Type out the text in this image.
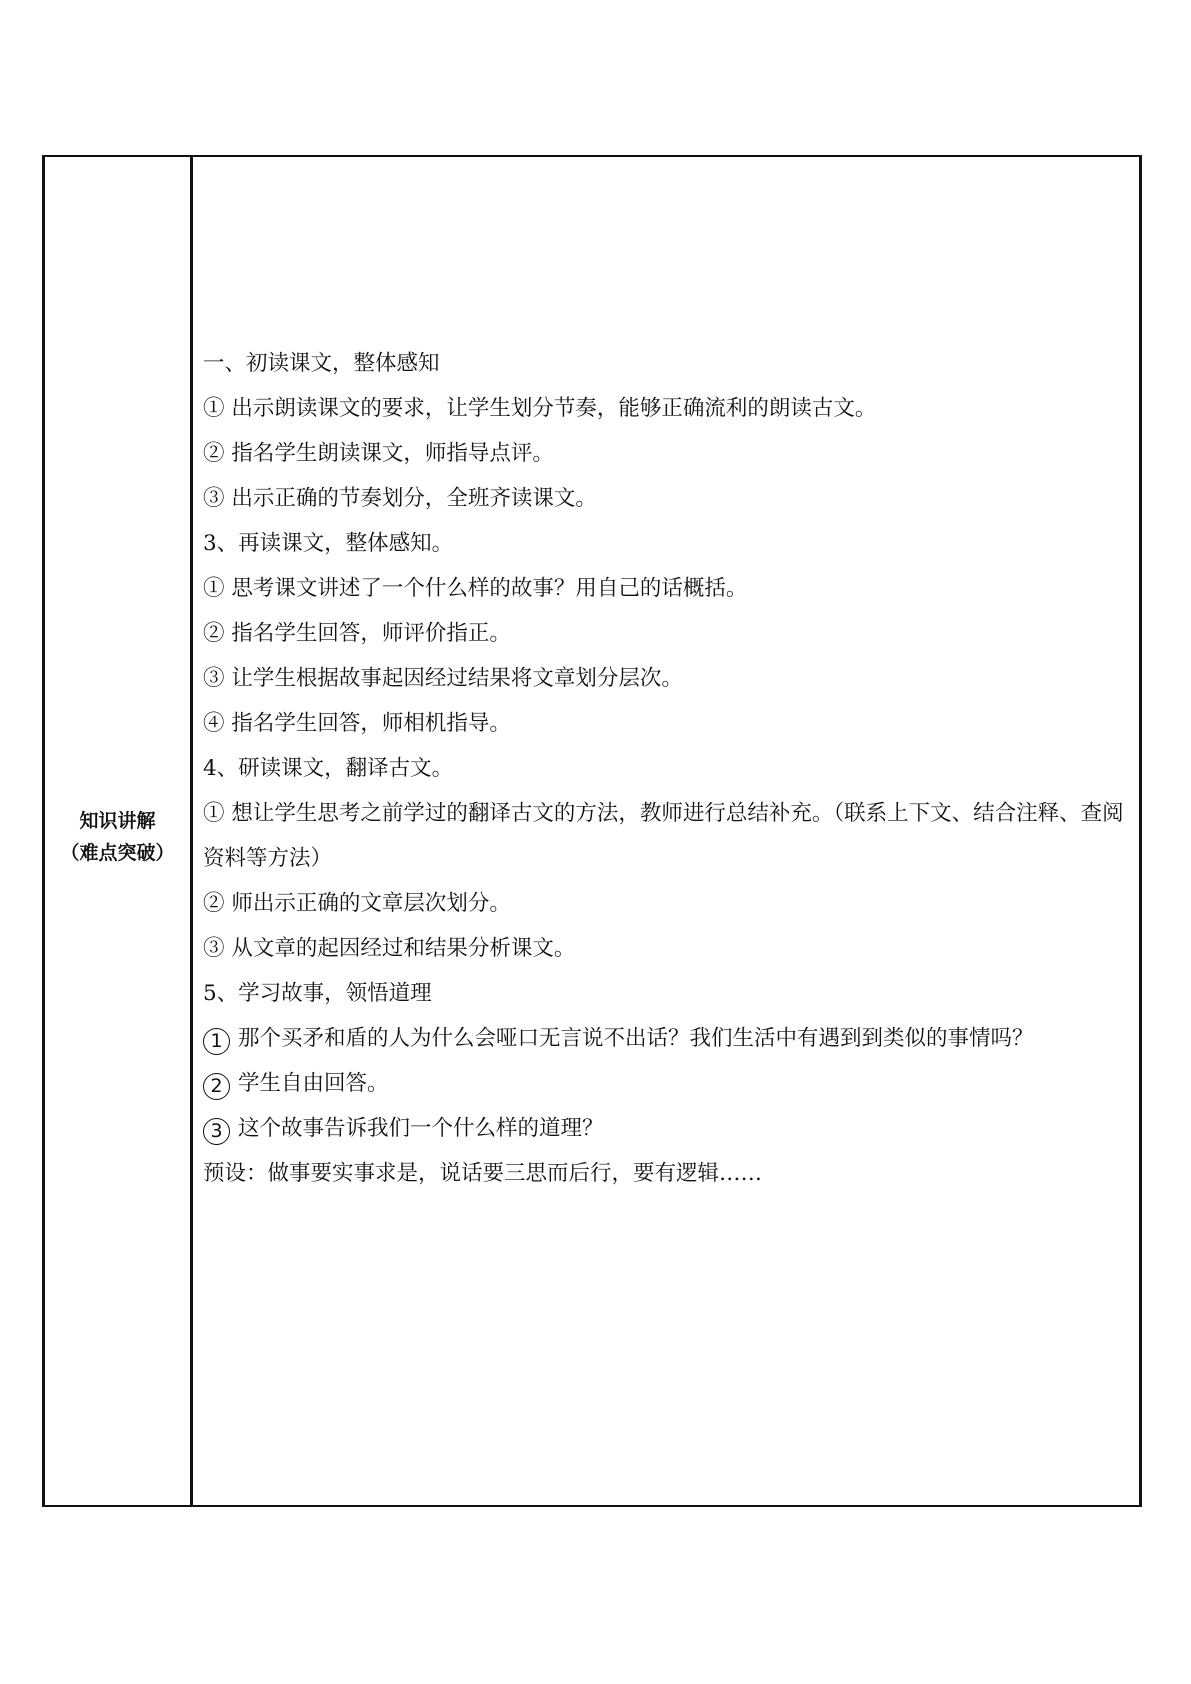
知识讲解
（难点突破）

一、初读课文，整体感知

① 出示朗读课文的要求，让学生划分节奏，能够正确流利的朗读古文。

② 指名学生朗读课文，师指导点评。

③ 出示正确的节奏划分，全班齐读课文。

3、再读课文，整体感知。

① 思考课文讲述了一个什么样的故事？用自己的话概括。

② 指名学生回答，师评价指正。

③ 让学生根据故事起因经过结果将文章划分层次。

④ 指名学生回答，师相机指导。

4、研读课文，翻译古文。

① 想让学生思考之前学过的翻译古文的方法，教师进行总结补充。（联系上下文、结合注释、查阅资料等方法）

② 师出示正确的文章层次划分。

③ 从文章的起因经过和结果分析课文。

5、学习故事，领悟道理

1 那个买矛和盾的人为什么会哑口无言说不出话？我们生活中有遇到到类似的事情吗？

2 学生自由回答。

3 这个故事告诉我们一个什么样的道理？

预设：做事要实事求是，说话要三思而后行，要有逻辑……
